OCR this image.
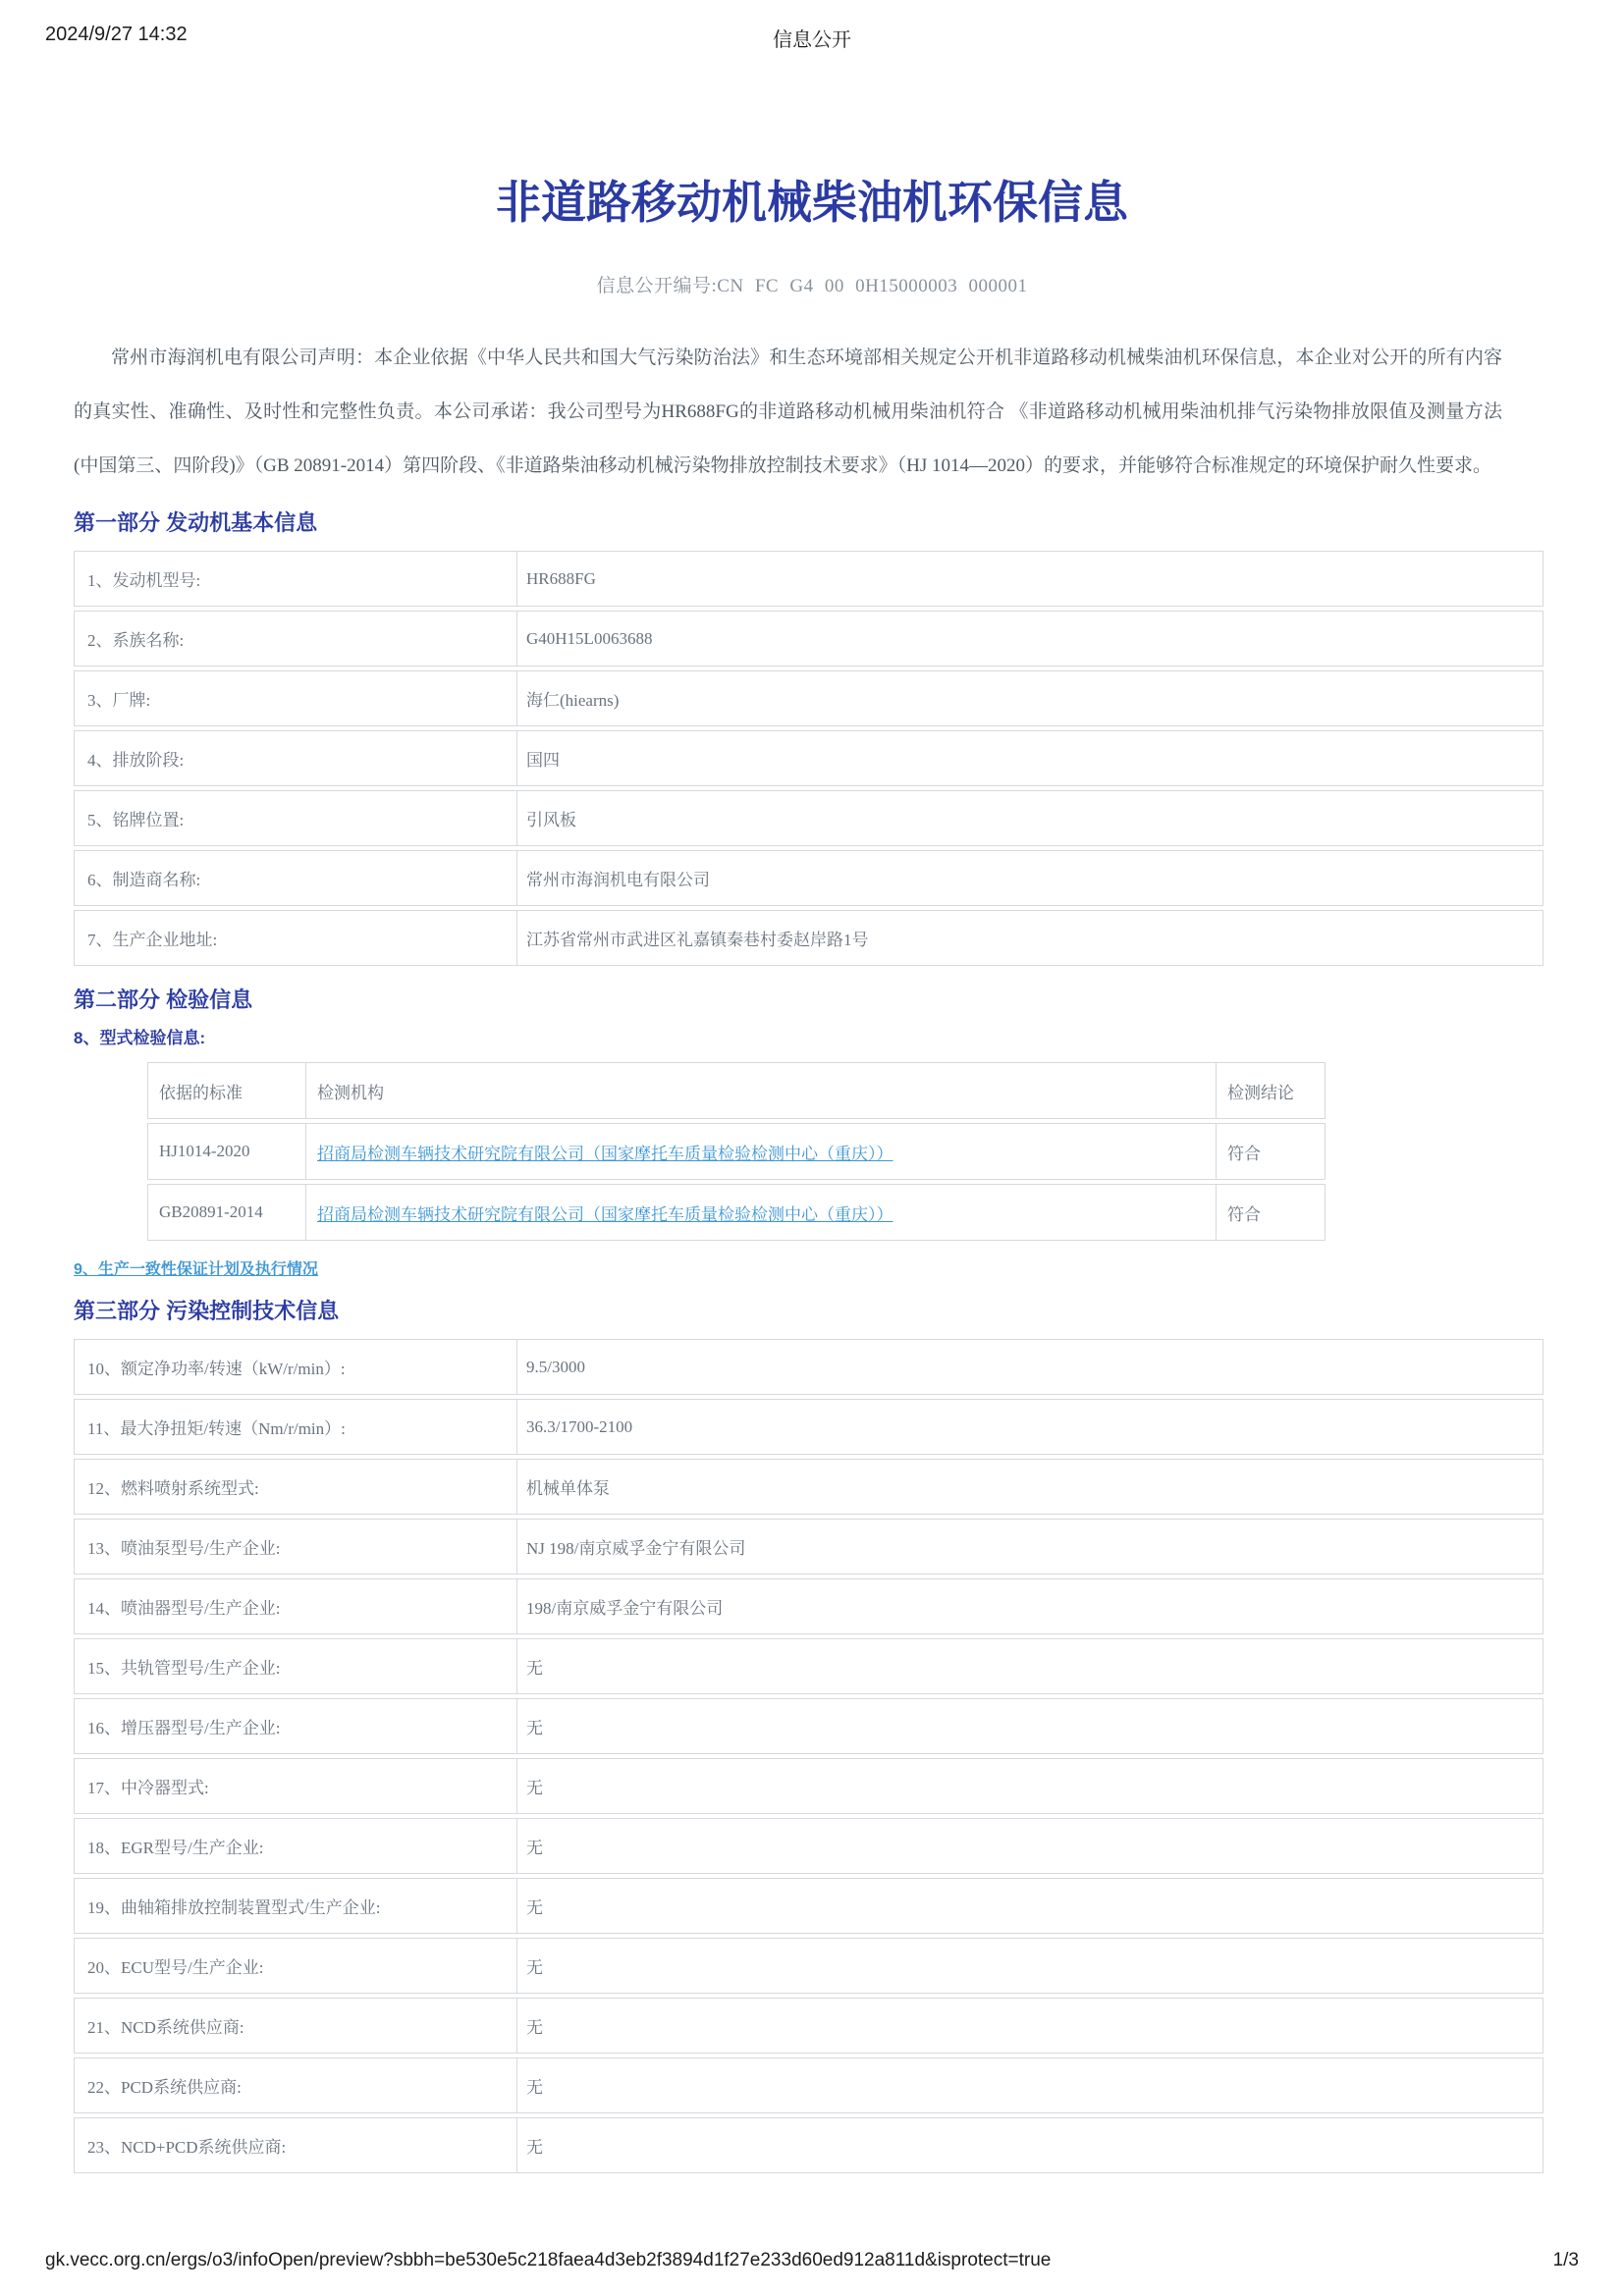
2024/9/27 14:32	信息公开
非道路移动机械柴油机环保信息
信息公开编号:CN FC G4 00 0H15000003 000001

常州市海润机电有限公司声明：本企业依据《中华人民共和国大气污染防治法》和生态环境部相关规定公开机非道路移动机械柴油机环保信息，本企业对公开的所有内容的真实性、准确性、及时性和完整性负责。本公司承诺：我公司型号为HR688FG的非道路移动机械用柴油机符合 《非道路移动机械用柴油机排气污染物排放限值及测量方法(中国第三、四阶段)》（GB 20891-2014）第四阶段、《非道路柴油移动机械污染物排放控制技术要求》（HJ 1014—2020）的要求，并能够符合标准规定的环境保护耐久性要求。

第一部分 发动机基本信息
1、发动机型号:	HR688FG
2、系族名称:	G40H15L0063688
3、厂牌:	海仁(hiearns)
4、排放阶段:	国四
5、铭牌位置:	引风板
6、制造商名称:	常州市海润机电有限公司
7、生产企业地址:	江苏省常州市武进区礼嘉镇秦巷村委赵岸路1号
第二部分 检验信息
8、型式检验信息:
依据的标准	检测机构	检测结论
HJ1014-2020	招商局检测车辆技术研究院有限公司（国家摩托车质量检验检测中心（重庆））	符合
GB20891-2014	招商局检测车辆技术研究院有限公司（国家摩托车质量检验检测中心（重庆））	符合
9、生产一致性保证计划及执行情况
第三部分 污染控制技术信息
10、额定净功率/转速（kW/r/min）:	9.5/3000
11、最大净扭矩/转速（Nm/r/min）:	36.3/1700-2100
12、燃料喷射系统型式:	机械单体泵
13、喷油泵型号/生产企业:	NJ 198/南京威孚金宁有限公司
14、喷油器型号/生产企业:	198/南京威孚金宁有限公司
15、共轨管型号/生产企业:	无
16、增压器型号/生产企业:	无
17、中冷器型式:	无
18、EGR型号/生产企业:	无
19、曲轴箱排放控制装置型式/生产企业:	无
20、ECU型号/生产企业:	无
21、NCD系统供应商:	无
22、PCD系统供应商:	无
23、NCD+PCD系统供应商:	无
gk.vecc.org.cn/ergs/o3/infoOpen/preview?sbbh=be530e5c218faea4d3eb2f3894d1f27e233d60ed912a811d&isprotect=true	1/3
